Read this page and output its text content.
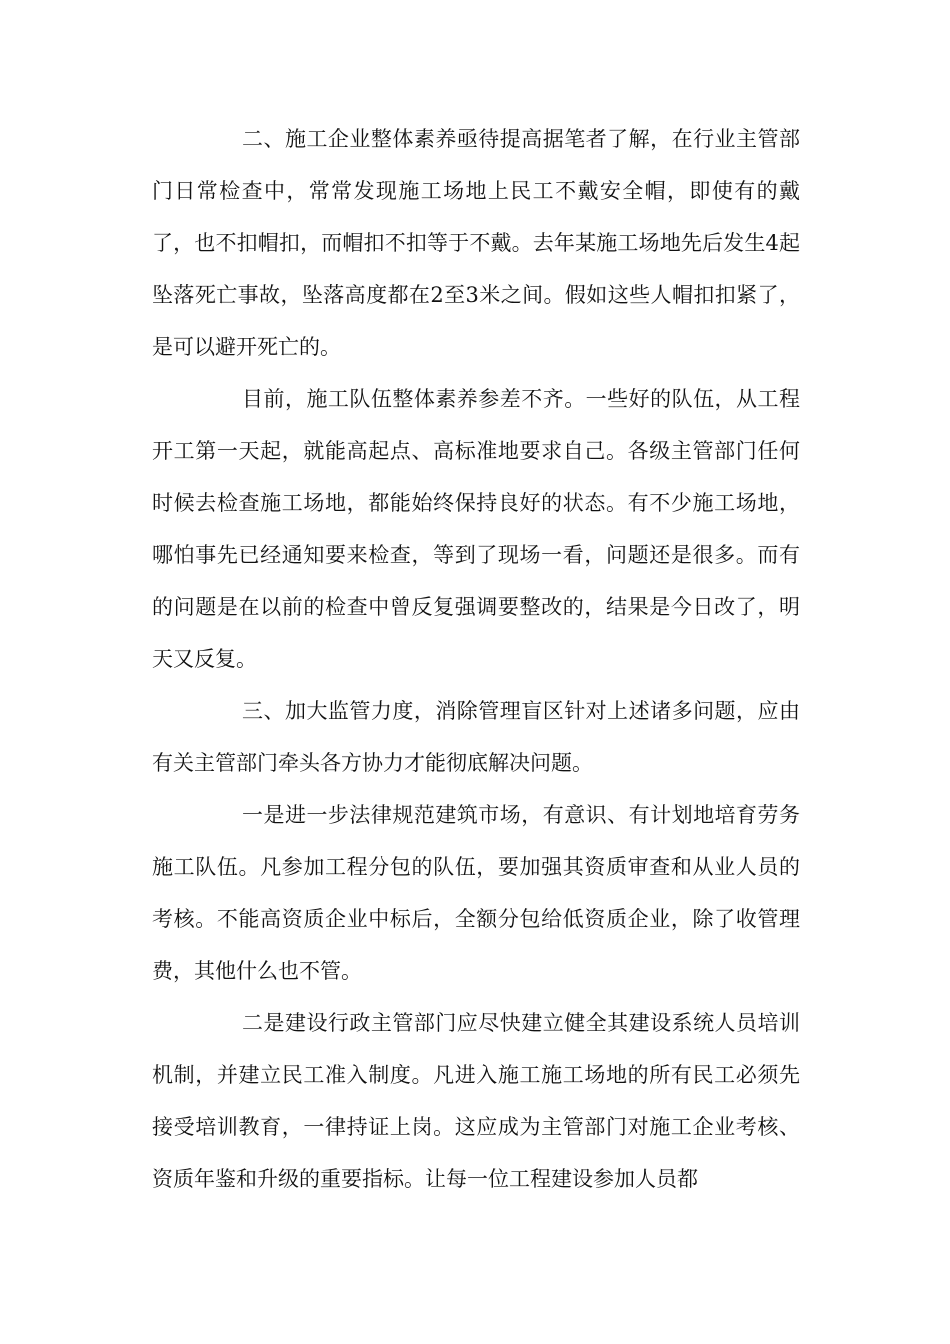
二、施工企业整体素养亟待提高据笔者了解，在行业主管部门日常检查中，常常发现施工场地上民工不戴安全帽，即使有的戴了，也不扣帽扣，而帽扣不扣等于不戴。去年某施工场地先后发生4起坠落死亡事故，坠落高度都在2至3米之间。假如这些人帽扣扣紧了，是可以避开死亡的。

目前，施工队伍整体素养参差不齐。一些好的队伍，从工程开工第一天起，就能高起点、高标准地要求自己。各级主管部门任何时候去检查施工场地，都能始终保持良好的状态。有不少施工场地，哪怕事先已经通知要来检查，等到了现场一看，问题还是很多。而有的问题是在以前的检查中曾反复强调要整改的，结果是今日改了，明天又反复。

三、加大监管力度，消除管理盲区针对上述诸多问题，应由有关主管部门牵头各方协力才能彻底解决问题。

一是进一步法律规范建筑市场，有意识、有计划地培育劳务施工队伍。凡参加工程分包的队伍，要加强其资质审查和从业人员的考核。不能高资质企业中标后，全额分包给低资质企业，除了收管理费，其他什么也不管。

二是建设行政主管部门应尽快建立健全其建设系统人员培训机制，并建立民工准入制度。凡进入施工施工场地的所有民工必须先接受培训教育，一律持证上岗。这应成为主管部门对施工企业考核、资质年鉴和升级的重要指标。让每一位工程建设参加人员都
